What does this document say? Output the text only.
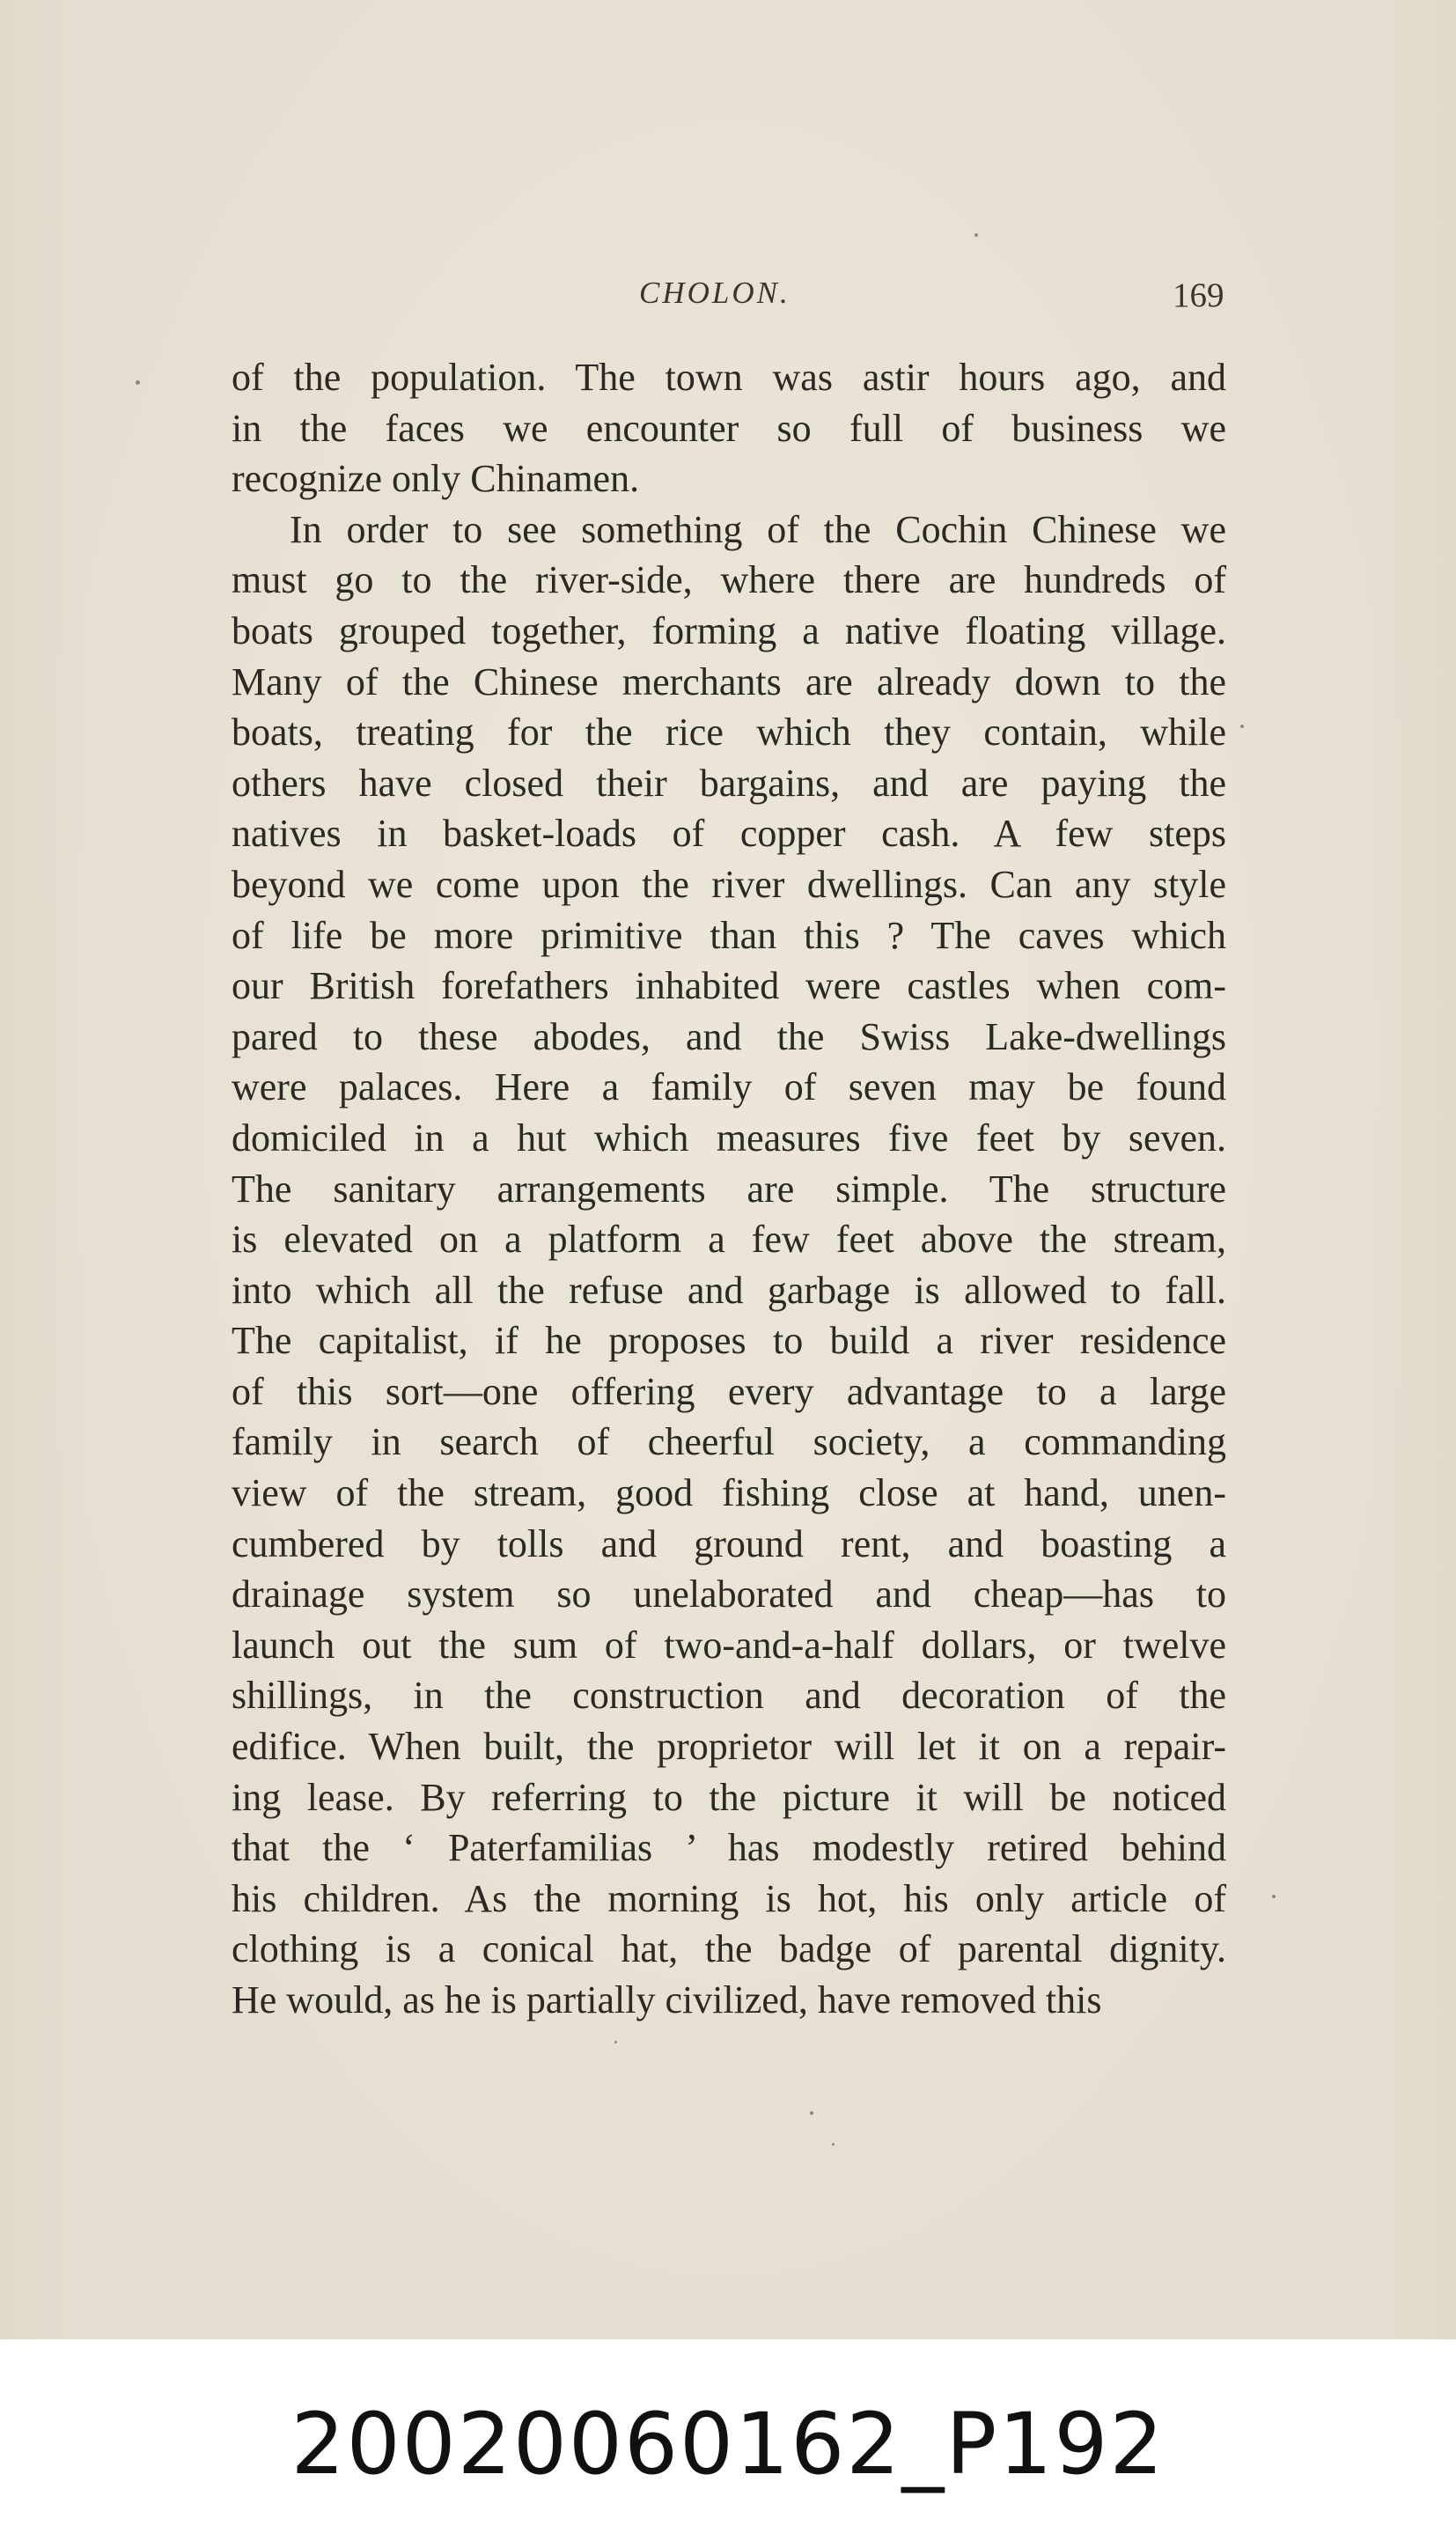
CHOLON.	169
of the population. The town was astir hours ago, and
in the faces we encounter so full of business we
recognize only Chinamen.
In order to see something of the Cochin Chinese we
must go to the river-side, where there are hundreds of
boats grouped together, forming a native floating village.
Many of the Chinese merchants are already down to the
boats, treating for the rice which they contain, while
others have closed their bargains, and are paying the
natives in basket-loads of copper cash. A few steps
beyond we come upon the river dwellings. Can any style
of life be more primitive than this ? The caves which
our British forefathers inhabited were castles when com-
pared to these abodes, and the Swiss Lake-dwellings
were palaces. Here a family of seven may be found
domiciled in a hut which measures five feet by seven.
The sanitary arrangements are simple. The structure
is elevated on a platform a few feet above the stream,
into which all the refuse and garbage is allowed to fall.
The capitalist, if he proposes to build a river residence
of this sort—one offering every advantage to a large
family in search of cheerful society, a commanding
view of the stream, good fishing close at hand, unen-
cumbered by tolls and ground rent, and boasting a
drainage system so unelaborated and cheap—has to
launch out the sum of two-and-a-half dollars, or twelve
shillings, in the construction and decoration of the
edifice. When built, the proprietor will let it on a repair-
ing lease. By referring to the picture it will be noticed
that the ‘ Paterfamilias ’ has modestly retired behind
his children. As the morning is hot, his only article of
clothing is a conical hat, the badge of parental dignity.
He would, as he is partially civilized, have removed this
20020060162_P192
